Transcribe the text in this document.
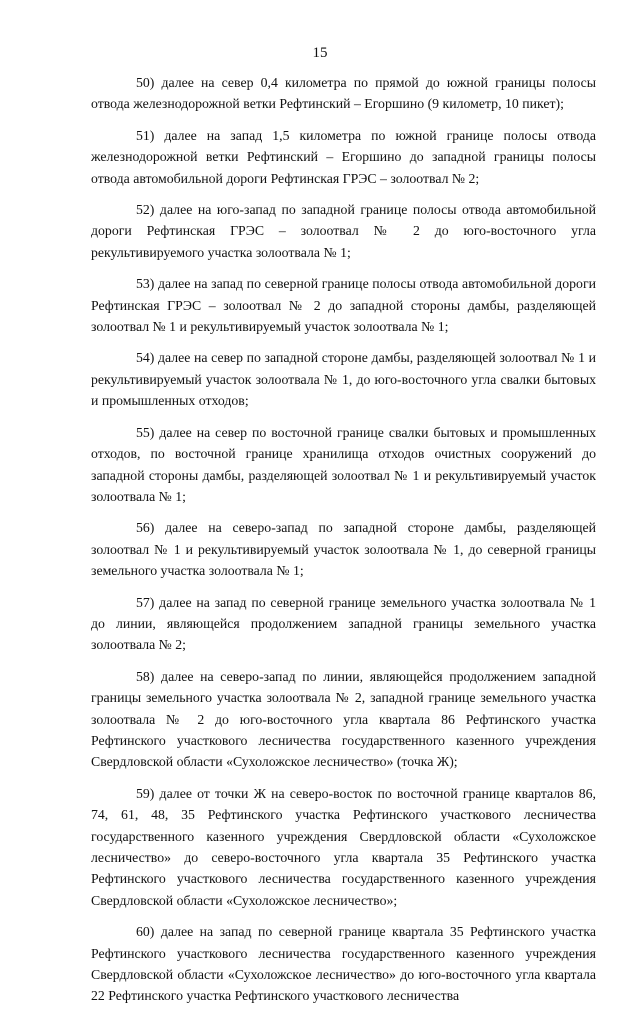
15

50) далее на север 0,4 километра по прямой до южной границы полосы отвода железнодорожной ветки Рефтинский – Егоршино (9 километр, 10 пикет);

51) далее на запад 1,5 километра по южной границе полосы отвода железнодорожной ветки Рефтинский – Егоршино до западной границы полосы отвода автомобильной дороги Рефтинская ГРЭС – золоотвал № 2;

52) далее на юго-запад по западной границе полосы отвода автомобильной дороги Рефтинская ГРЭС – золоотвал № 2 до юго-восточного угла рекультивируемого участка золоотвала № 1;

53) далее на запад по северной границе полосы отвода автомобильной дороги Рефтинская ГРЭС – золоотвал № 2 до западной стороны дамбы, разделяющей золоотвал № 1 и рекультивируемый участок золоотвала № 1;

54) далее на север по западной стороне дамбы, разделяющей золоотвал № 1 и рекультивируемый участок золоотвала № 1, до юго-восточного угла свалки бытовых и промышленных отходов;

55) далее на север по восточной границе свалки бытовых и промышленных отходов, по восточной границе хранилища отходов очистных сооружений до западной стороны дамбы, разделяющей золоотвал № 1 и рекультивируемый участок золоотвала № 1;

56) далее на северо-запад по западной стороне дамбы, разделяющей золоотвал № 1 и рекультивируемый участок золоотвала № 1, до северной границы земельного участка золоотвала № 1;

57) далее на запад по северной границе земельного участка золоотвала № 1 до линии, являющейся продолжением западной границы земельного участка золоотвала № 2;

58) далее на северо-запад по линии, являющейся продолжением западной границы земельного участка золоотвала № 2, западной границе земельного участка золоотвала № 2 до юго-восточного угла квартала 86 Рефтинского участка Рефтинского участкового лесничества государственного казенного учреждения Свердловской области «Сухоложское лесничество» (точка Ж);

59) далее от точки Ж на северо-восток по восточной границе кварталов 86, 74, 61, 48, 35 Рефтинского участка Рефтинского участкового лесничества государственного казенного учреждения Свердловской области «Сухоложское лесничество» до северо-восточного угла квартала 35 Рефтинского участка Рефтинского участкового лесничества государственного казенного учреждения Свердловской области «Сухоложское лесничество»;

60) далее на запад по северной границе квартала 35 Рефтинского участка Рефтинского участкового лесничества государственного казенного учреждения Свердловской области «Сухоложское лесничество» до юго-восточного угла квартала 22 Рефтинского участка Рефтинского участкового лесничества
